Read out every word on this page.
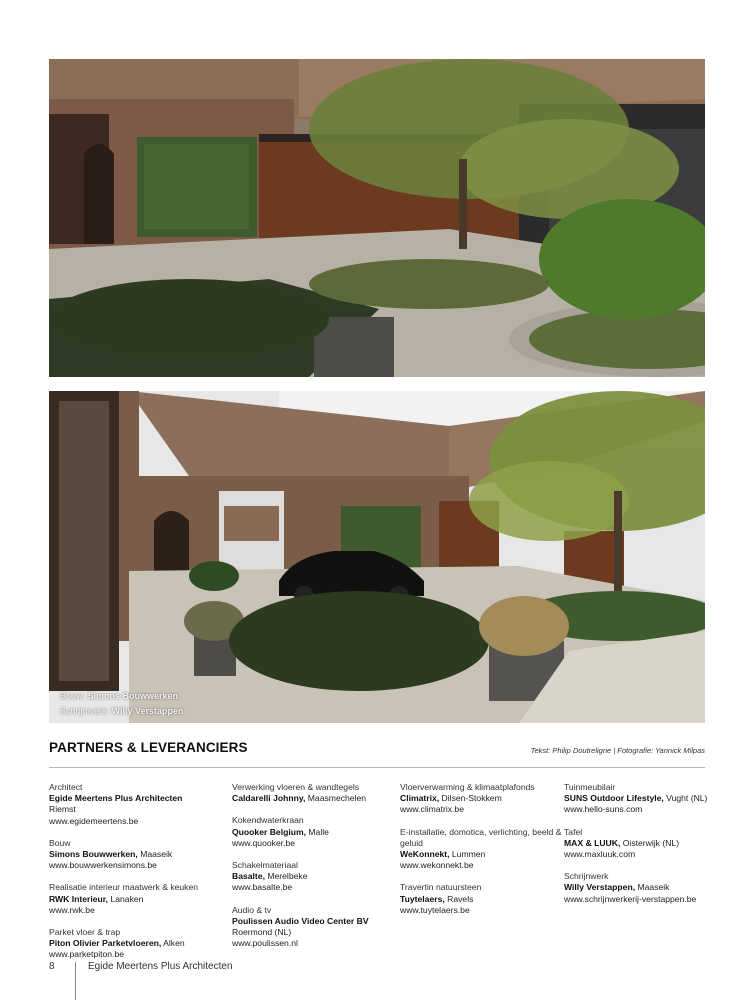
Bouw: Simons Bouwwerken
Schrijnwerk: Willy Verstappen
PARTNERS & LEVERANCIERS	Tekst: Philip Doutreligne | Fotografie: Yannick Milpas
Architect
Egide Meertens Plus Architecten
Riemst
www.egidemeertens.be
Bouw
Simons Bouwwerken, Maaseik
www.bouwwerkensimons.be
Realisatie interieur maatwerk & keuken
RWK Interieur, Lanaken
www.rwk.be
Parket vloer & trap
Piton Olivier Parketvloeren, Alken
www.parketpiton.be
Verwerking vloeren & wandtegels
Caldarelli Johnny, Maasmechelen
Kokendwaterkraan
Quooker Belgium, Malle
www.quooker.be
Schakelmateriaal
Basalte, Merelbeke
www.basalte.be
Audio & tv
Poulissen Audio Video Center BV
Roermond (NL)
www.poulissen.nl
Vloerverwarming & klimaatplafonds
Climatrix, Dilsen-Stokkem
www.climatrix.be
E-installatie, domotica, verlichting, beeld & geluid
WeKonnekt, Lummen
www.wekonnekt.be
Travertin natuursteen
Tuytelaers, Ravels
www.tuytelaers.be
Tuinmeubilair
SUNS Outdoor Lifestyle, Vught (NL)
www.hello-suns.com
Tafel
MAX & LUUK, Oisterwijk (NL)
www.maxluuk.com
Schrijnwerk
Willy Verstappen, Maaseik
www.schrijnwerkerij-verstappen.be
8	Egide Meertens Plus Architecten
